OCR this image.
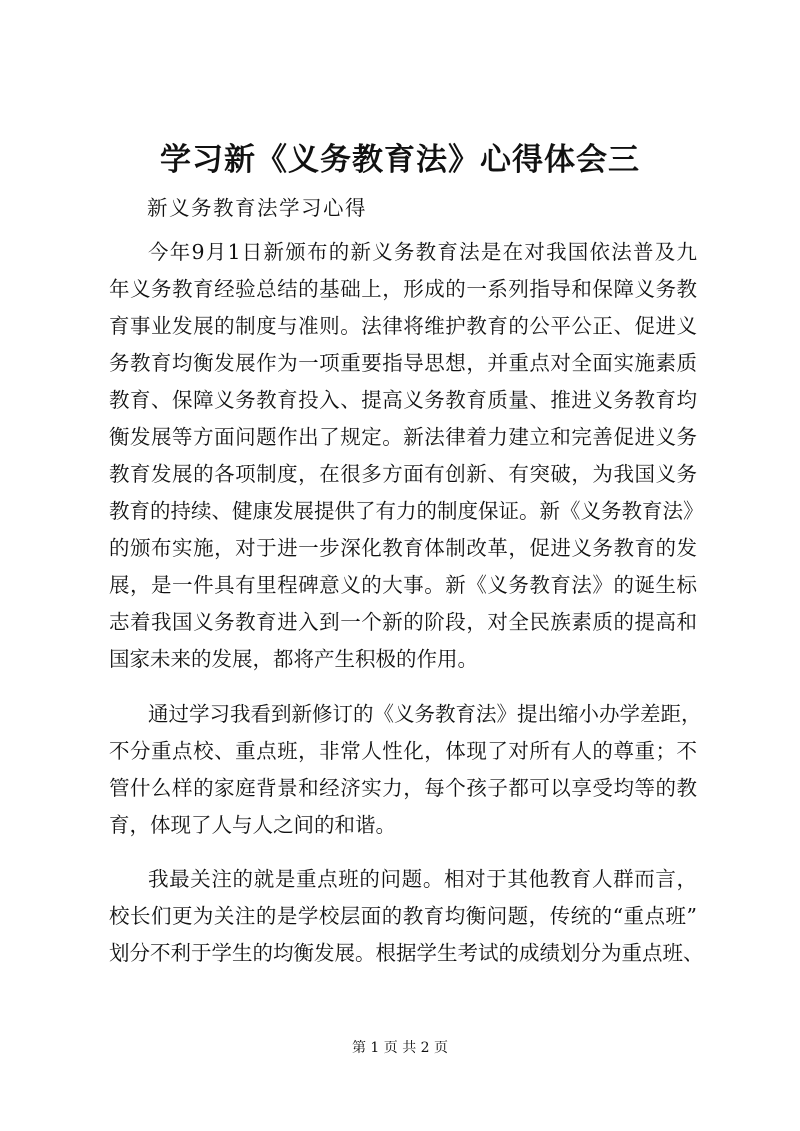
学习新《义务教育法》心得体会三
新义务教育法学习心得
今年9月1日新颁布的新义务教育法是在对我国依法普及九
年义务教育经验总结的基础上，形成的一系列指导和保障义务教
育事业发展的制度与准则。法律将维护教育的公平公正、促进义
务教育均衡发展作为一项重要指导思想，并重点对全面实施素质
教育、保障义务教育投入、提高义务教育质量、推进义务教育均
衡发展等方面问题作出了规定。新法律着力建立和完善促进义务
教育发展的各项制度，在很多方面有创新、有突破，为我国义务
教育的持续、健康发展提供了有力的制度保证。新《义务教育法》
的颁布实施，对于进一步深化教育体制改革，促进义务教育的发
展，是一件具有里程碑意义的大事。新《义务教育法》的诞生标
志着我国义务教育进入到一个新的阶段，对全民族素质的提高和
国家未来的发展，都将产生积极的作用。
通过学习我看到新修订的《义务教育法》提出缩小办学差距，
不分重点校、重点班，非常人性化，体现了对所有人的尊重；不
管什么样的家庭背景和经济实力，每个孩子都可以享受均等的教
育，体现了人与人之间的和谐。
我最关注的就是重点班的问题。相对于其他教育人群而言，
校长们更为关注的是学校层面的教育均衡问题，传统的“重点班”
划分不利于学生的均衡发展。根据学生考试的成绩划分为重点班、
第 1 页 共 2 页
